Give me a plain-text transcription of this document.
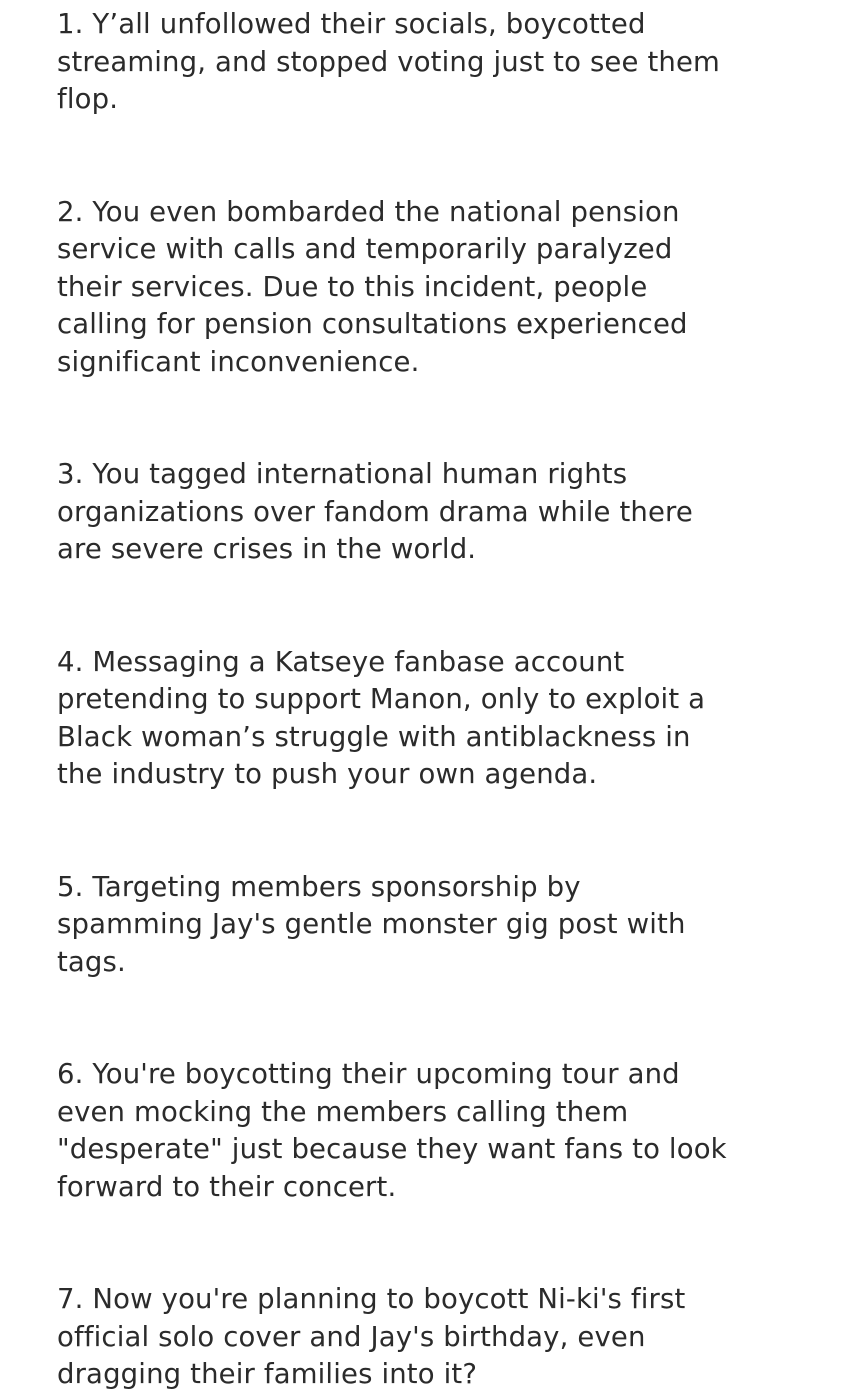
1. Y’all unfollowed their socials, boycotted
streaming, and stopped voting just to see them
flop.

2. You even bombarded the national pension
service with calls and temporarily paralyzed
their services. Due to this incident, people
calling for pension consultations experienced
significant inconvenience.

3. You tagged international human rights
organizations over fandom drama while there
are severe crises in the world.

4. Messaging a Katseye fanbase account
pretending to support Manon, only to exploit a
Black woman’s struggle with antiblackness in
the industry to push your own agenda.

5. Targeting members sponsorship by
spamming Jay's gentle monster gig post with
tags.

6. You're boycotting their upcoming tour and
even mocking the members calling them
"desperate" just because they want fans to look
forward to their concert.

7. Now you're planning to boycott Ni-ki's first
official solo cover and Jay's birthday, even
dragging their families into it?
